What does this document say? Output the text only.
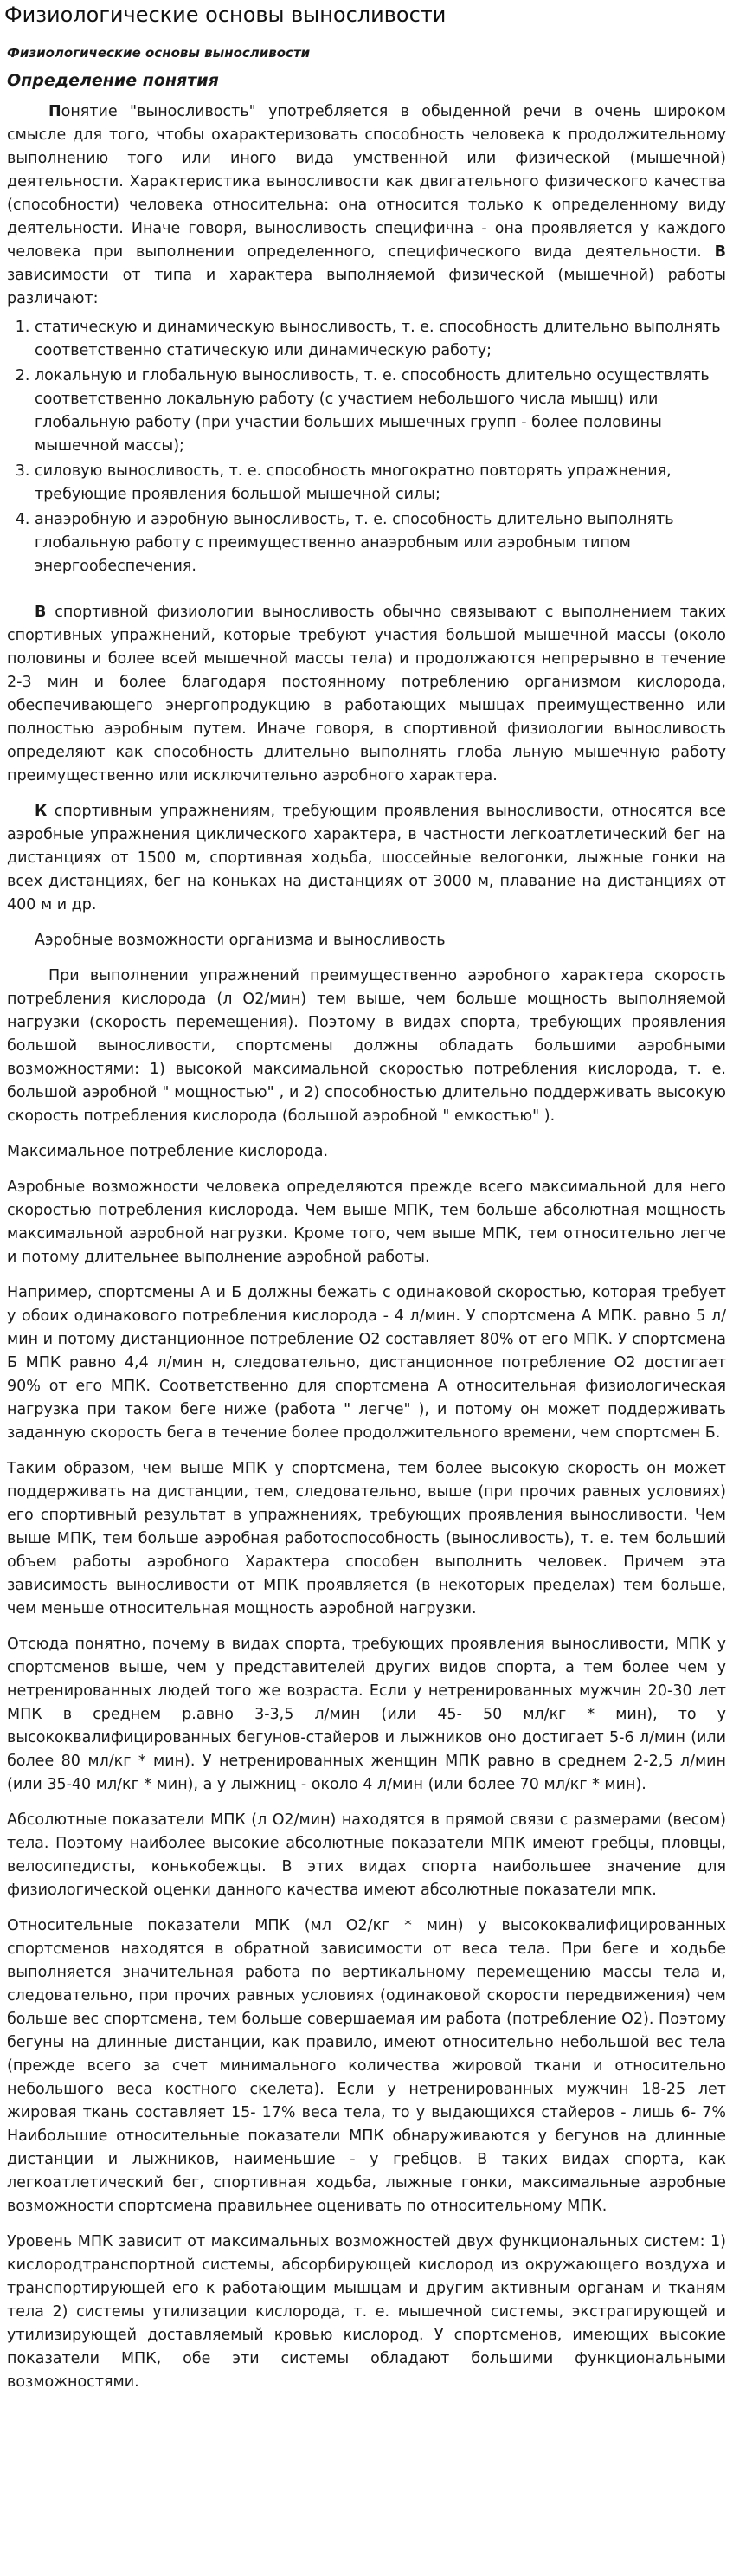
Физиологические основы выносливости
Физиологические основы выносливости
Определение понятия

Понятие "выносливость" употребляется в обыденной речи в очень широком смысле для того, чтобы охарактеризовать способность человека к продолжительному выполнению того или иного вида умственной или физической (мышечной) деятельности. Характеристика выносливости как двигательного физического качества (способности) человека относительна: она относится только к определенному виду деятельности. Иначе говоря, выносливость специфична - она проявляется у каждого человека при выполнении определенного, специфического вида деятельности. В зависимости от типа и характера выполняемой физической (мышечной) работы различают:

1. статическую и динамическую выносливость, т. е. способность длительно выполнять соответственно статическую или динамическую работу;
2. локальную и глобальную выносливость, т. е. способность длительно осуществлять соответственно локальную работу (с участием небольшого числа мышц) или глобальную работу (при участии больших мышечных групп - более половины мышечной массы);
3. силовую выносливость, т. е. способность многократно повторять упражнения, требующие проявления большой мышечной силы;
4. анаэробную и аэробную выносливость, т. е. способность длительно выполнять глобальную работу с преимущественно анаэробным или аэробным типом энергообеспечения.

В спортивной физиологии выносливость обычно связывают с выполнением таких спортивных упражнений, которые требуют участия большой мышечной массы (около половины и более всей мышечной массы тела) и продолжаются непрерывно в течение 2-3 мин и более благодаря постоянному потреблению организмом кислорода, обеспечивающего энергопродукцию в работающих мышцах преимущественно или полностью аэробным путем. Иначе говоря, в спортивной физиологии выносливость определяют как способность длительно выполнять глоба льную мышечную работу преимущественно или исключительно аэробного характера.

К спортивным упражнениям, требующим проявления выносливости, относятся все аэробные упражнения циклического характера, в частности легкоатлетический бег на дистанциях от 1500 м, спортивная ходьба, шоссейные велогонки, лыжные гонки на всех дистанциях, бег на коньках на дистанциях от 3000 м, плавание на дистанциях от 400 м и др.

Аэробные возможности организма и выносливость

При выполнении упражнений преимущественно аэробного характера скорость потребления кислорода (л О2/мин) тем выше, чем больше мощность выполняемой нагрузки (скорость перемещения). Поэтому в видах спорта, требующих проявления большой выносливости, спортсмены должны обладать большими аэробными возможностями: 1) высокой максимальной скоростью потребления кислорода, т. е. большой аэробной " мощностью" , и 2) способностью длительно поддерживать высокую скорость потребления кислорода (большой аэробной " емкостью" ).

Максимальное потребление кислорода.

Аэробные возможности человека определяются прежде всего максимальной для него скоростью потребления кислорода. Чем выше МПК, тем больше абсолютная мощность максимальной аэробной нагрузки. Кроме того, чем выше МПК, тем относительно легче и потому длительнее выполнение аэробной работы.

Например, спортсмены А и Б должны бежать с одинаковой скоростью, которая требует у обоих одинакового потребления кислорода - 4 л/мин. У спортсмена А МПК. равно 5 л/мин и потому дистанционное потребление О2 составляет 80% от его МПК. У спортсмена Б МПК равно 4,4 л/мин н, следовательно, дистанционное потребление О2 достигает 90% от его МПК. Соответственно для спортсмена А относительная физиологическая нагрузка при таком беге ниже (работа " легче" ), и потому он может поддерживать заданную скорость бега в течение более продолжительного времени, чем спортсмен Б.

Таким образом, чем выше МПК у спортсмена, тем более высокую скорость он может поддерживать на дистанции, тем, следовательно, выше (при прочих равных условиях) его спортивный результат в упражнениях, требующих проявления выносливости. Чем выше МПК, тем больше аэробная работоспособность (выносливость), т. е. тем больший объем работы аэробного Характера способен выполнить человек. Причем эта зависимость выносливости от МПК проявляется (в некоторых пределах) тем больше, чем меньше относительная мощность аэробной нагрузки.

Отсюда понятно, почему в видах спорта, требующих проявления выносливости, МПК у спортсменов выше, чем у представителей других видов спорта, а тем более чем у нетренированных людей того же возраста. Если у нетренированных мужчин 20-30 лет МПК в среднем р.авно 3-3,5 л/мин (или 45- 50 мл/кг * мин), то у высококвалифицированных бегунов-стайеров и лыжников оно достигает 5-6 л/мин (или более 80 мл/кг * мин). У нетренированных женщин МПК равно в среднем 2-2,5 л/мин (или 35-40 мл/кг * мин), а у лыжниц - около 4 л/мин (или более 70 мл/кг * мин).

Абсолютные показатели МПК (л О2/мин) находятся в прямой связи с размерами (весом) тела. Поэтому наиболее высокие абсолютные показатели МПК имеют гребцы, пловцы, велосипедисты, конькобежцы. В этих видах спорта наибольшее значение для физиологической оценки данного качества имеют абсолютные показатели мпк.

Относительные показатели МПК (мл О2/кг * мин) у высококвалифицированных спортсменов находятся в обратной зависимости от веса тела. При беге и ходьбе выполняется значительная работа по вертикальному перемещению массы тела и, следовательно, при прочих равных условиях (одинаковой скорости передвижения) чем больше вес спортсмена, тем больше совершаемая им работа (потребление О2). Поэтому бегуны на длинные дистанции, как правило, имеют относительно небольшой вес тела (прежде всего за счет минимального количества жировой ткани и относительно небольшого веса костного скелета). Если у нетренированных мужчин 18-25 лет жировая ткань составляет 15- 17% веса тела, то у выдающихся стайеров - лишь 6- 7% Наибольшие относительные показатели МПК обнаруживаются у бегунов на длинные дистанции и лыжников, наименьшие - у гребцов. В таких видах спорта, как легкоатлетический бег, спортивная ходьба, лыжные гонки, максимальные аэробные возможности спортсмена правильнее оценивать по относительному МПК.

Уровень МПК зависит от максимальных возможностей двух функциональных систем: 1) кислородтранспортной системы, абсорбирующей кислород из окружающего воздуха и транспортирующей его к работающим мышцам и другим активным органам и тканям тела 2) системы утилизации кислорода, т. е. мышечной системы, экстрагирующей и утилизирующей доставляемый кровью кислород. У спортсменов, имеющих высокие показатели МПК, обе эти системы обладают большими функциональными возможностями.
